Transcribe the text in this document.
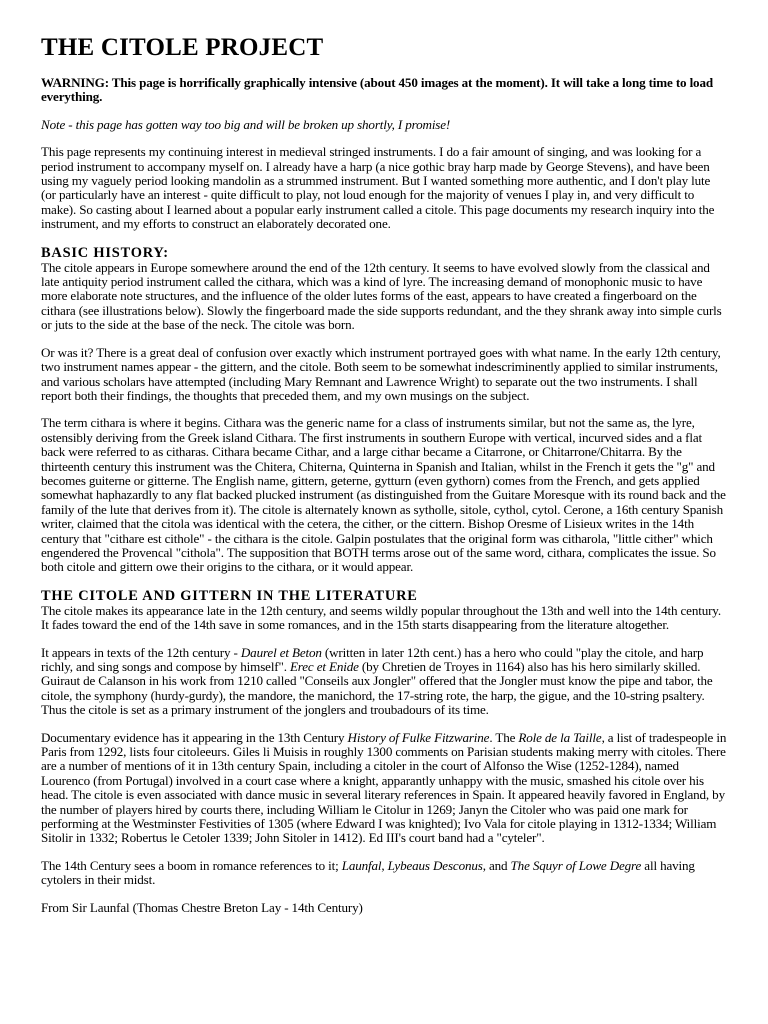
THE CITOLE PROJECT

WARNING: This page is horrifically graphically intensive (about 450 images at the moment). It will take a long time to load everything.

Note - this page has gotten way too big and will be broken up shortly, I promise!

This page represents my continuing interest in medieval stringed instruments. I do a fair amount of singing, and was looking for a period instrument to accompany myself on. I already have a harp (a nice gothic bray harp made by George Stevens), and have been using my vaguely period looking mandolin as a strummed instrument. But I wanted something more authentic, and I don't play lute (or particularly have an interest - quite difficult to play, not loud enough for the majority of venues I play in, and very difficult to make). So casting about I learned about a popular early instrument called a citole. This page documents my research inquiry into the instrument, and my efforts to construct an elaborately decorated one.

BASIC HISTORY:

The citole appears in Europe somewhere around the end of the 12th century. It seems to have evolved slowly from the classical and late antiquity period instrument called the cithara, which was a kind of lyre. The increasing demand of monophonic music to have more elaborate note structures, and the influence of the older lutes forms of the east, appears to have created a fingerboard on the cithara (see illustrations below). Slowly the fingerboard made the side supports redundant, and the they shrank away into simple curls or juts to the side at the base of the neck. The citole was born.

Or was it? There is a great deal of confusion over exactly which instrument portrayed goes with what name. In the early 12th century, two instrument names appear - the gittern, and the citole. Both seem to be somewhat indescriminently applied to similar instruments, and various scholars have attempted (including Mary Remnant and Lawrence Wright) to separate out the two instruments. I shall report both their findings, the thoughts that preceded them, and my own musings on the subject.

The term cithara is where it begins. Cithara was the generic name for a class of instruments similar, but not the same as, the lyre, ostensibly deriving from the Greek island Cithara. The first instruments in southern Europe with vertical, incurved sides and a flat back were referred to as citharas. Cithara became Cithar, and a large cithar became a Citarrone, or Chitarrone/Chitarra. By the thirteenth century this instrument was the Chitera, Chiterna, Quinterna in Spanish and Italian, whilst in the French it gets the "g" and becomes guiterne or gitterne. The English name, gittern, geterne, gytturn (even gythorn) comes from the French, and gets applied somewhat haphazardly to any flat backed plucked instrument (as distinguished from the Guitare Moresque with its round back and the family of the lute that derives from it). The citole is alternately known as sytholle, sitole, cythol, cytol. Cerone, a 16th century Spanish writer, claimed that the citola was identical with the cetera, the cither, or the cittern. Bishop Oresme of Lisieux writes in the 14th century that "citharе est cithole" - the cithara is the citole. Galpin postulates that the original form was citharola, "little cither" which engendered the Provencal "cithola". The supposition that BOTH terms arose out of the same word, cithara, complicates the issue. So both citole and gittern owe their origins to the cithara, or it would appear.

THE CITOLE AND GITTERN IN THE LITERATURE

The citole makes its appearance late in the 12th century, and seems wildly popular throughout the 13th and well into the 14th century. It fades toward the end of the 14th save in some romances, and in the 15th starts disappearing from the literature altogether.

It appears in texts of the 12th century - Daurel et Beton (written in later 12th cent.) has a hero who could "play the citole, and harp richly, and sing songs and compose by himself". Erec et Enide (by Chretien de Troyes in 1164) also has his hero similarly skilled. Guiraut de Calanson in his work from 1210 called "Conseils aux Jongler" offered that the Jongler must know the pipe and tabor, the citole, the symphony (hurdy-gurdy), the mandore, the manichord, the 17-string rote, the harp, the gigue, and the 10-string psaltery. Thus the citole is set as a primary instrument of the jonglers and troubadours of its time.

Documentary evidence has it appearing in the 13th Century History of Fulke Fitzwarine. The Role de la Taille, a list of tradespeople in Paris from 1292, lists four citoleeurs. Giles li Muisis in roughly 1300 comments on Parisian students making merry with citoles. There are a number of mentions of it in 13th century Spain, including a citoler in the court of Alfonso the Wise (1252-1284), named Lourenco (from Portugal) involved in a court case where a knight, apparantly unhappy with the music, smashed his citole over his head. The citole is even associated with dance music in several literary references in Spain. It appeared heavily favored in England, by the number of players hired by courts there, including William le Citolur in 1269; Janyn the Citoler who was paid one mark for performing at the Westminster Festivities of 1305 (where Edward I was knighted); Ivo Vala for citole playing in 1312-1334; William Sitolir in 1332; Robertus le Cetoler 1339; John Sitoler in 1412). Ed III's court band had a "cyteler".

The 14th Century sees a boom in romance references to it; Launfal, Lybeaus Desconus, and The Squyr of Lowe Degre all having cytolers in their midst.

From Sir Launfal (Thomas Chestre Breton Lay - 14th Century)
